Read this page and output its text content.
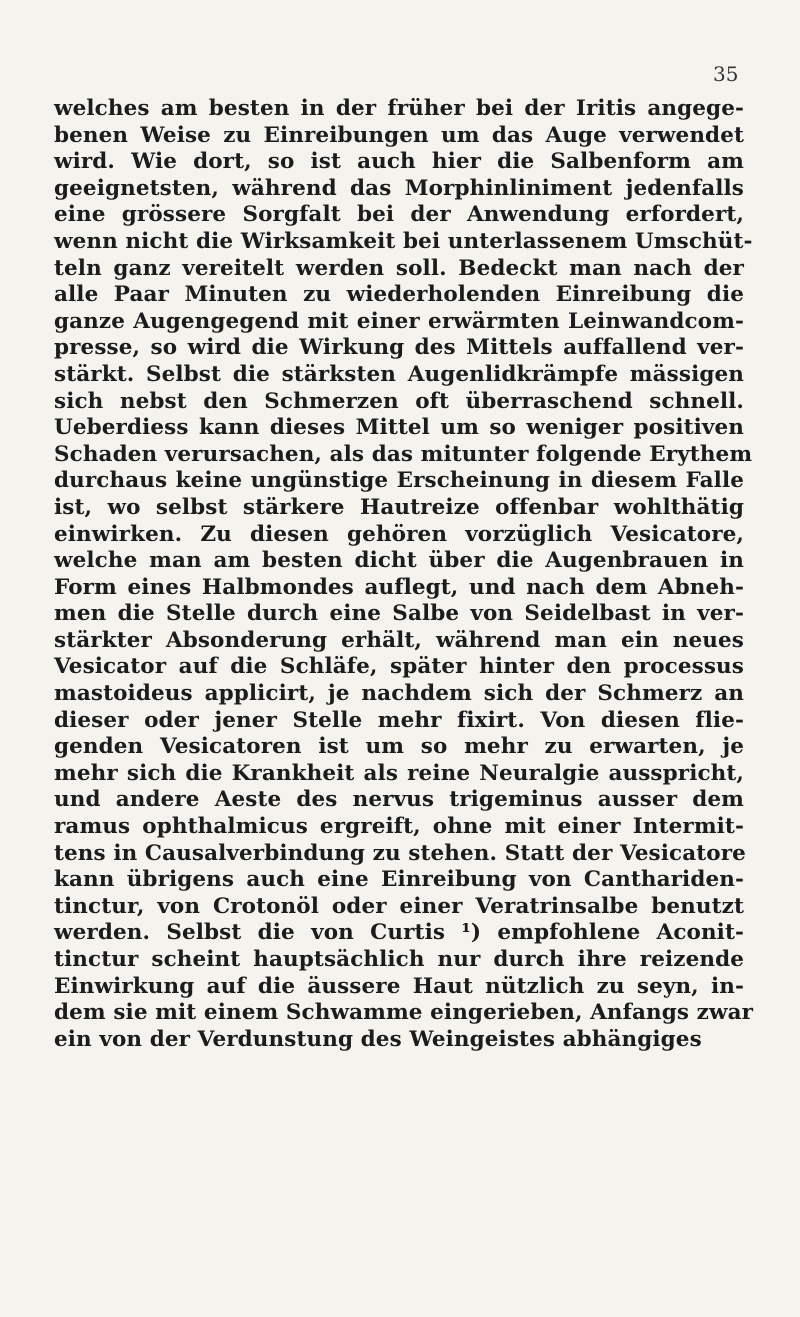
35
welches am besten in der früher bei der Iritis angege-
benen Weise zu Einreibungen um das Auge verwendet
wird. Wie dort, so ist auch hier die Salbenform am
geeignetsten, während das Morphinliniment jedenfalls
eine grössere Sorgfalt bei der Anwendung erfordert,
wenn nicht die Wirksamkeit bei unterlassenem Umschüt-
teln ganz vereitelt werden soll. Bedeckt man nach der
alle Paar Minuten zu wiederholenden Einreibung die
ganze Augengegend mit einer erwärmten Leinwandcom-
presse, so wird die Wirkung des Mittels auffallend ver-
stärkt. Selbst die stärksten Augenlidkrämpfe mässigen
sich nebst den Schmerzen oft überraschend schnell.
Ueberdiess kann dieses Mittel um so weniger positiven
Schaden verursachen, als das mitunter folgende Erythem
durchaus keine ungünstige Erscheinung in diesem Falle
ist, wo selbst stärkere Hautreize offenbar wohlthätig
einwirken. Zu diesen gehören vorzüglich Vesicatore,
welche man am besten dicht über die Augenbrauen in
Form eines Halbmondes auflegt, und nach dem Abneh-
men die Stelle durch eine Salbe von Seidelbast in ver-
stärkter Absonderung erhält, während man ein neues
Vesicator auf die Schläfe, später hinter den processus
mastoideus applicirt, je nachdem sich der Schmerz an
dieser oder jener Stelle mehr fixirt. Von diesen flie-
genden Vesicatoren ist um so mehr zu erwarten, je
mehr sich die Krankheit als reine Neuralgie ausspricht,
und andere Aeste des nervus trigeminus ausser dem
ramus ophthalmicus ergreift, ohne mit einer Intermit-
tens in Causalverbindung zu stehen. Statt der Vesicatore
kann übrigens auch eine Einreibung von Canthariden-
tinctur, von Crotonöl oder einer Veratrinsalbe benutzt
werden. Selbst die von Curtis ¹) empfohlene Aconit-
tinctur scheint hauptsächlich nur durch ihre reizende
Einwirkung auf die äussere Haut nützlich zu seyn, in-
dem sie mit einem Schwamme eingerieben, Anfangs zwar
ein von der Verdunstung des Weingeistes abhängiges
